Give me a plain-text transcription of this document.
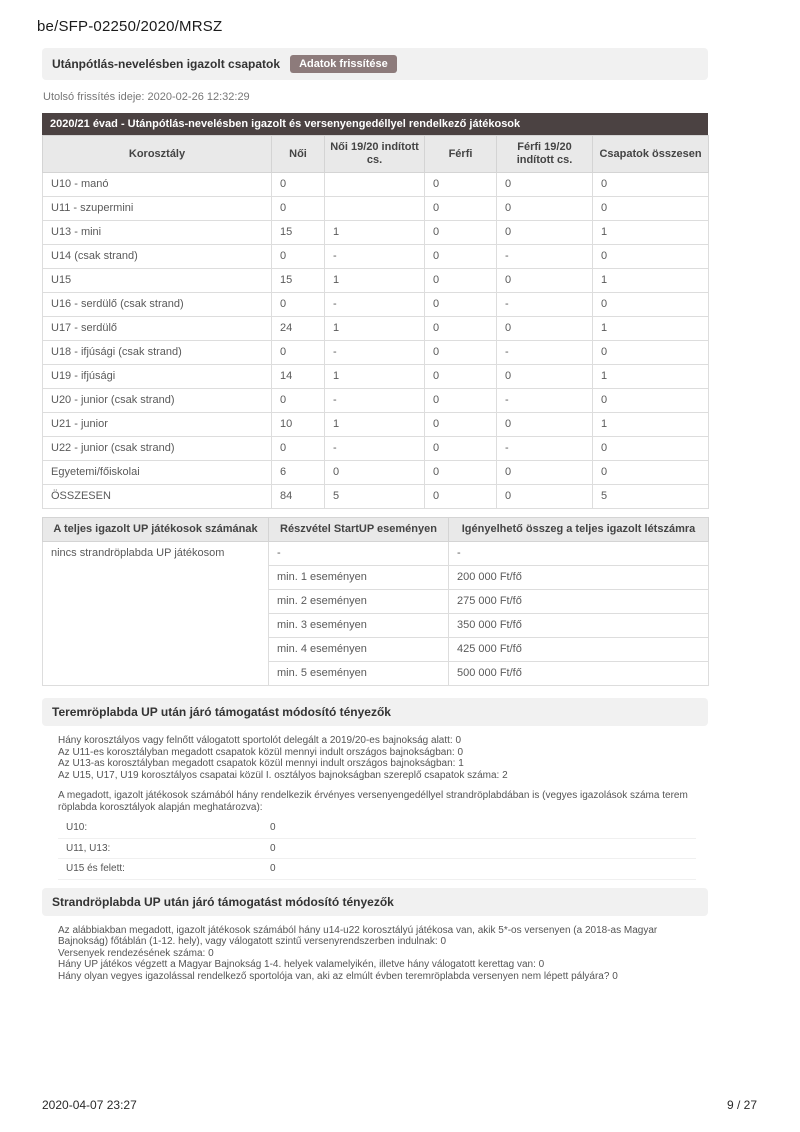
be/SFP-02250/2020/MRSZ
Utánpótlás-nevelésben igazolt csapatok	Adatok frissítése
Utolsó frissítés ideje: 2020-02-26 12:32:29
2020/21 évad - Utánpótlás-nevelésben igazolt és versenyengedéllyel rendelkező játékosok
Korosztály	Női	Női 19/20 indított cs.	Férfi	Férfi 19/20 indított cs.	Csapatok összesen
U10 - manó	0		0	0	0
U11 - szupermini	0		0	0	0
U13 - mini	15	1	0	0	1
U14 (csak strand)	0	-	0	-	0
U15	15	1	0	0	1
U16 - serdülő (csak strand)	0	-	0	-	0
U17 - serdülő	24	1	0	0	1
U18 - ifjúsági (csak strand)	0	-	0	-	0
U19 - ifjúsági	14	1	0	0	1
U20 - junior (csak strand)	0	-	0	-	0
U21 - junior	10	1	0	0	1
U22 - junior (csak strand)	0	-	0	-	0
Egyetemi/főiskolai	6	0	0	0	0
ÖSSZESEN	84	5	0	0	5
A teljes igazolt UP játékosok számának	Részvétel StartUP eseményen	Igényelhető összeg a teljes igazolt létszámra
nincs strandröplabda UP játékosom	-	-
	min. 1 eseményen	200 000 Ft/fő
	min. 2 eseményen	275 000 Ft/fő
	min. 3 eseményen	350 000 Ft/fő
	min. 4 eseményen	425 000 Ft/fő
	min. 5 eseményen	500 000 Ft/fő
Teremröplabda UP után járó támogatást módosító tényezők
Hány korosztályos vagy felnőtt válogatott sportolót delegált a 2019/20-es bajnokság alatt: 0
Az U11-es korosztályban megadott csapatok közül mennyi indult országos bajnokságban: 0
Az U13-as korosztályban megadott csapatok közül mennyi indult országos bajnokságban: 1
Az U15, U17, U19 korosztályos csapatai közül I. osztályos bajnokságban szereplő csapatok száma: 2
A megadott, igazolt játékosok számából hány rendelkezik érvényes versenyengedéllyel strandröplabdában is (vegyes igazolások száma terem röplabda korosztályok alapján meghatározva):
U10:	0
U11, U13:	0
U15 és felett:	0
Strandröplabda UP után járó támogatást módosító tényezők
Az alábbiakban megadott, igazolt játékosok számából hány u14-u22 korosztályú játékosa van, akik 5*-os versenyen (a 2018-as Magyar Bajnokság) főtáblán (1-12. hely), vagy válogatott szintű versenyrendszerben indulnak: 0
Versenyek rendezésének száma: 0
Hány UP játékos végzett a Magyar Bajnokság 1-4. helyek valamelyikén, illetve hány válogatott kerettag van: 0
Hány olyan vegyes igazolással rendelkező sportolója van, aki az elmúlt évben teremröplabda versenyen nem lépett pályára? 0
2020-04-07 23:27	9 / 27
